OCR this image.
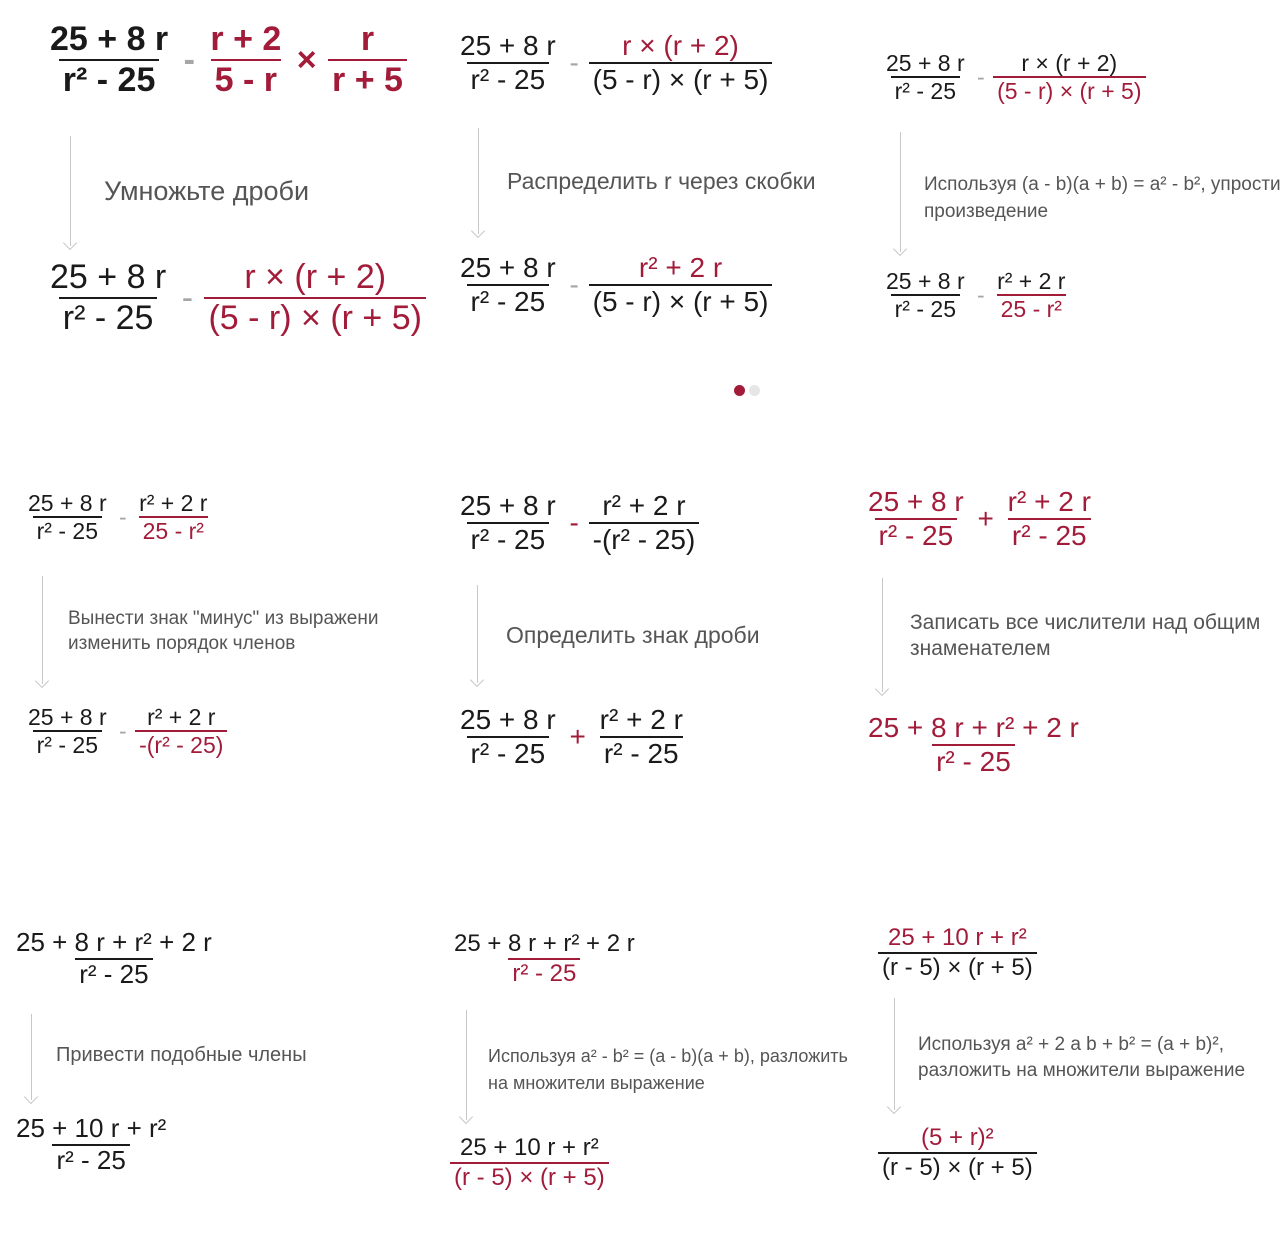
$\frac{25 + 8 r}{\text{r² - 25}} - \frac{r + 2}{5 - r} \times \frac{r}{r + 5}$
Умножьте дроби
$\frac{25 + 8 r}{\text{r² - 25}} - \frac{r \times (r + 2)}{(5 - r) \times (r + 5)}$
$\frac{25 + 8 r}{\text{r² - 25}} - \frac{r \times (r + 2)}{(5 - r) \times (r + 5)}$
Распределить r через скобки
$\frac{25 + 8 r}{\text{r² - 25}} - \frac{\text{r² + 2 r}}{(5 - r) \times (r + 5)}$
$\frac{25 + 8 r}{\text{r² - 25}} - \frac{r \times (r + 2)}{(5 - r) \times (r + 5)}$
Используя (a - b)(a + b) = a² - b², упрости
произведение
$\frac{25 + 8 r}{\text{r² - 25}} - \frac{\text{r² + 2 r}}{\text{25 - r²}}$
$\frac{25 + 8 r}{\text{r² - 25}} - \frac{\text{r² + 2 r}}{\text{25 - r²}}$
Вынести знак "минус" из выражени
изменить порядок членов
$\frac{25 + 8 r}{\text{r² - 25}} - \frac{\text{r² + 2 r}}{\text{-(r² - 25)}}$
$\frac{25 + 8 r}{\text{r² - 25}} - \frac{\text{r² + 2 r}}{\text{-(r² - 25)}}$
Определить знак дроби
$\frac{25 + 8 r}{\text{r² - 25}} + \frac{\text{r² + 2 r}}{\text{r² - 25}}$
$\frac{25 + 8 r}{\text{r² - 25}} + \frac{\text{r² + 2 r}}{\text{r² - 25}}$
Записать все числители над общим
знаменателем
$\frac{\text{25 + 8 r + r² + 2 r}}{\text{r² - 25}}$
$\frac{\text{25 + 8 r + r² + 2 r}}{\text{r² - 25}}$
Привести подобные члены
$\frac{\text{25 + 10 r + r²}}{\text{r² - 25}}$
$\frac{\text{25 + 8 r + r² + 2 r}}{\text{r² - 25}}$
Используя a² - b² = (a - b)(a + b), разложить
на множители выражение
$\frac{\text{25 + 10 r + r²}}{(r - 5) \times (r + 5)}$
$\frac{\text{25 + 10 r + r²}}{(r - 5) \times (r + 5)}$
Используя a² + 2 a b + b² = (a + b)²,
разложить на множители выражение
$\frac{\text{(5 + r)²}}{(r - 5) \times (r + 5)}$
